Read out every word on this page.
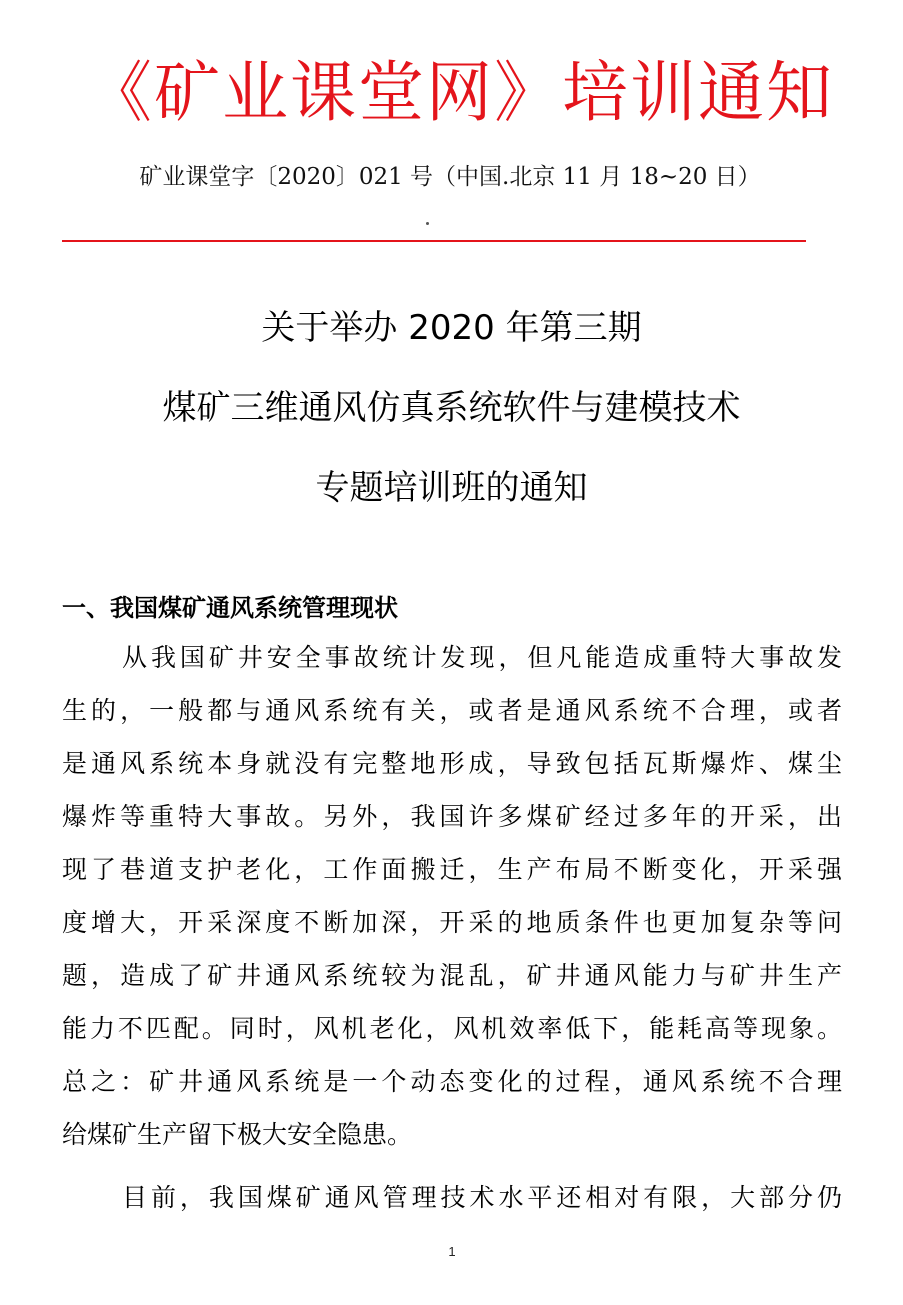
《矿业课堂网》培训通知
矿业课堂字〔2020〕021 号（中国.北京 11 月 18~20 日）
关于举办 2020 年第三期
煤矿三维通风仿真系统软件与建模技术
专题培训班的通知
一、我国煤矿通风系统管理现状
从我国矿井安全事故统计发现，但凡能造成重特大事故发
生的，一般都与通风系统有关，或者是通风系统不合理，或者
是通风系统本身就没有完整地形成，导致包括瓦斯爆炸、煤尘
爆炸等重特大事故。另外，我国许多煤矿经过多年的开采，出
现了巷道支护老化，工作面搬迁，生产布局不断变化，开采强
度增大，开采深度不断加深，开采的地质条件也更加复杂等问
题，造成了矿井通风系统较为混乱，矿井通风能力与矿井生产
能力不匹配。同时，风机老化，风机效率低下，能耗高等现象。
总之：矿井通风系统是一个动态变化的过程，通风系统不合理
给煤矿生产留下极大安全隐患。
目前，我国煤矿通风管理技术水平还相对有限，大部分仍
1
